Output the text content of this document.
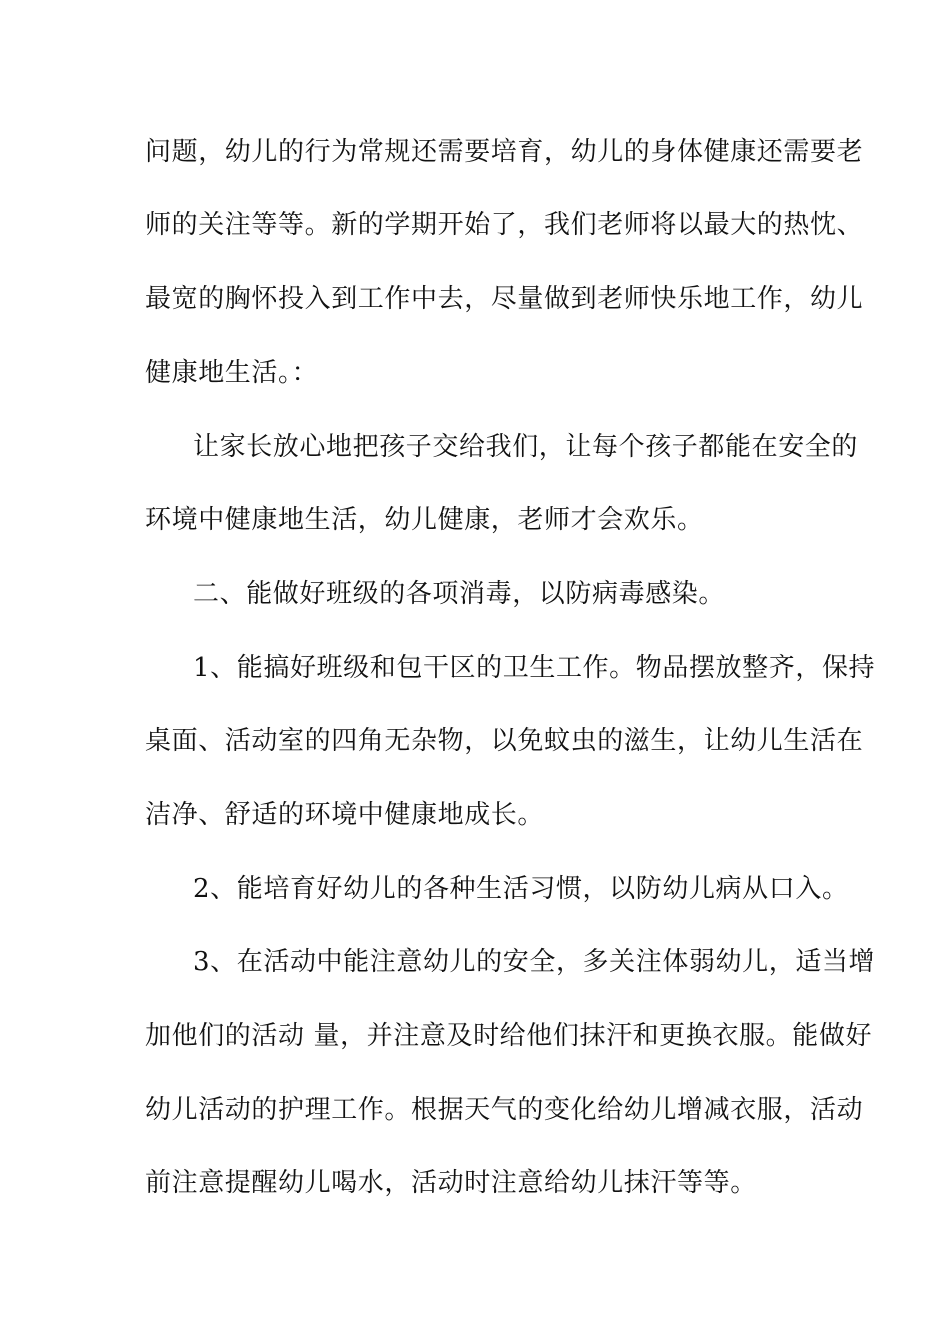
问题，幼儿的行为常规还需要培育，幼儿的身体健康还需要老
师的关注等等。新的学期开始了，我们老师将以最大的热忱、
最宽的胸怀投入到工作中去，尽量做到老师快乐地工作，幼儿
健康地生活。：
让家长放心地把孩子交给我们，让每个孩子都能在安全的
环境中健康地生活，幼儿健康，老师才会欢乐。
二、能做好班级的各项消毒，以防病毒感染。
1、能搞好班级和包干区的卫生工作。物品摆放整齐，保持
桌面、活动室的四角无杂物，以免蚊虫的滋生，让幼儿生活在
洁净、舒适的环境中健康地成长。
2、能培育好幼儿的各种生活习惯，以防幼儿病从口入。
3、在活动中能注意幼儿的安全，多关注体弱幼儿，适当增
加他们的活动 量，并注意及时给他们抹汗和更换衣服。能做好
幼儿活动的护理工作。根据天气的变化给幼儿增减衣服，活动
前注意提醒幼儿喝水，活动时注意给幼儿抹汗等等。
